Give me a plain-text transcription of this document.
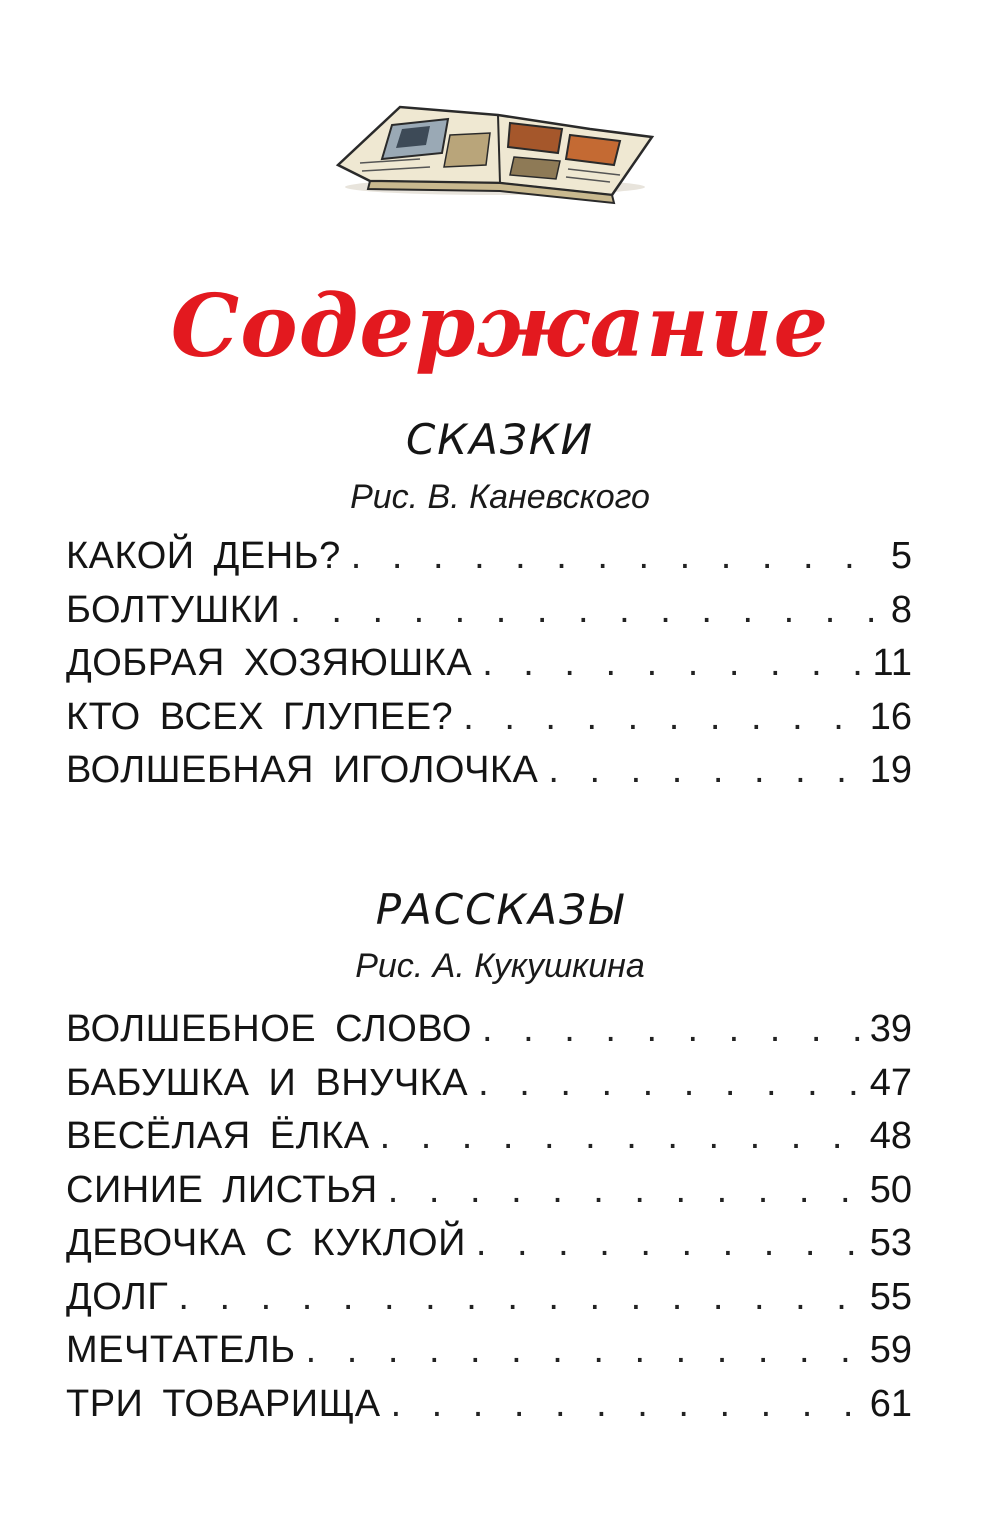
Содержание
СКАЗКИ
Рис. В. Каневского
КАКОЙ ДЕНЬ? . . .	5
БОЛТУШКИ . . .	8
ДОБРАЯ ХОЗЯЮШКА . . .	11
КТО ВСЕХ ГЛУПЕЕ? . . .	16
ВОЛШЕБНАЯ ИГОЛОЧКА . . .	19
РАССКАЗЫ
Рис. А. Кукушкина
ВОЛШЕБНОЕ СЛОВО . . .	39
БАБУШКА И ВНУЧКА . . .	47
ВЕСЁЛАЯ ЁЛКА . . .	48
СИНИЕ ЛИСТЬЯ . . .	50
ДЕВОЧКА С КУКЛОЙ . . .	53
ДОЛГ . . .	55
МЕЧТАТЕЛЬ . . .	59
ТРИ ТОВАРИЩА . . .	61
